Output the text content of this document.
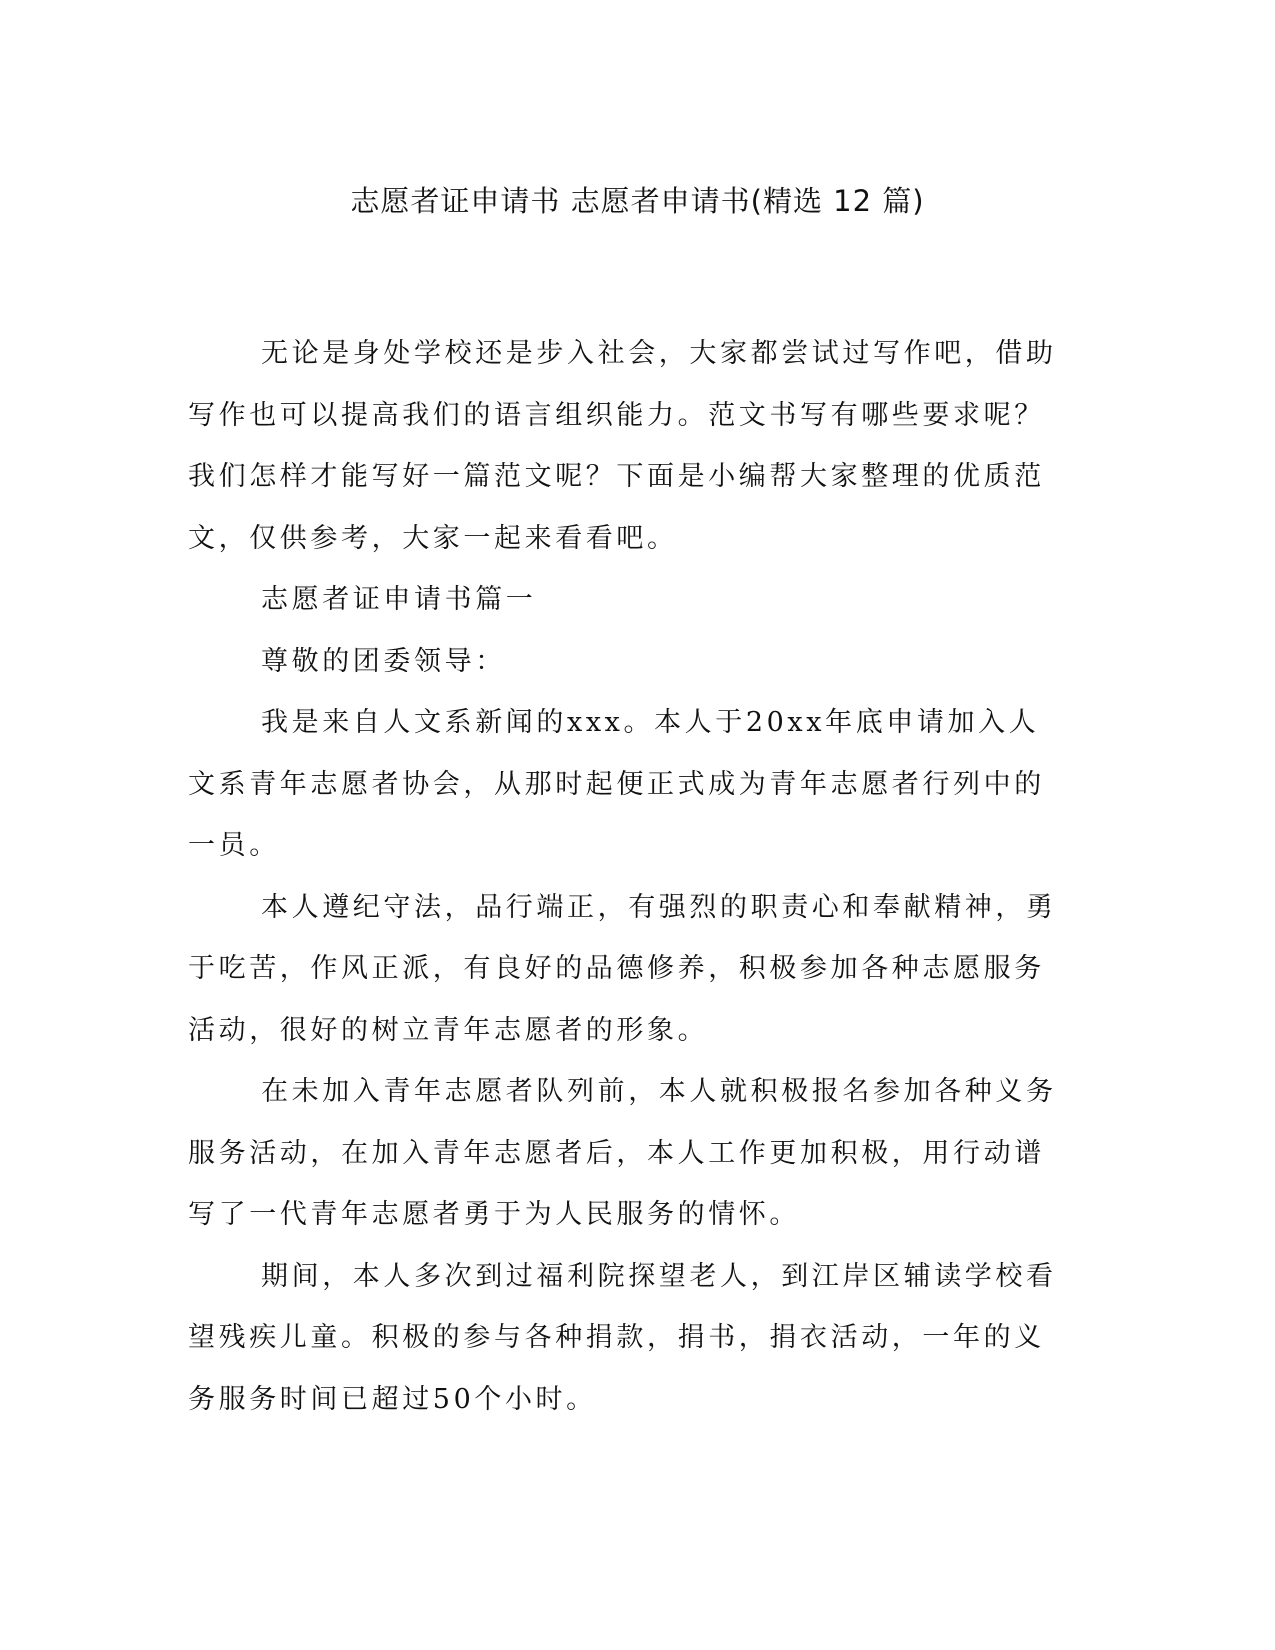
志愿者证申请书 志愿者申请书(精选 12 篇)

无论是身处学校还是步入社会，大家都尝试过写作吧，借助写作也可以提高我们的语言组织能力。范文书写有哪些要求呢？我们怎样才能写好一篇范文呢？下面是小编帮大家整理的优质范文，仅供参考，大家一起来看看吧。

志愿者证申请书篇一

尊敬的团委领导：

我是来自人文系新闻的xxx。本人于20xx年底申请加入人文系青年志愿者协会，从那时起便正式成为青年志愿者行列中的一员。

本人遵纪守法，品行端正，有强烈的职责心和奉献精神，勇于吃苦，作风正派，有良好的品德修养，积极参加各种志愿服务活动，很好的树立青年志愿者的形象。

在未加入青年志愿者队列前，本人就积极报名参加各种义务服务活动，在加入青年志愿者后，本人工作更加积极，用行动谱写了一代青年志愿者勇于为人民服务的情怀。

期间，本人多次到过福利院探望老人，到江岸区辅读学校看望残疾儿童。积极的参与各种捐款，捐书，捐衣活动，一年的义务服务时间已超过50个小时。
